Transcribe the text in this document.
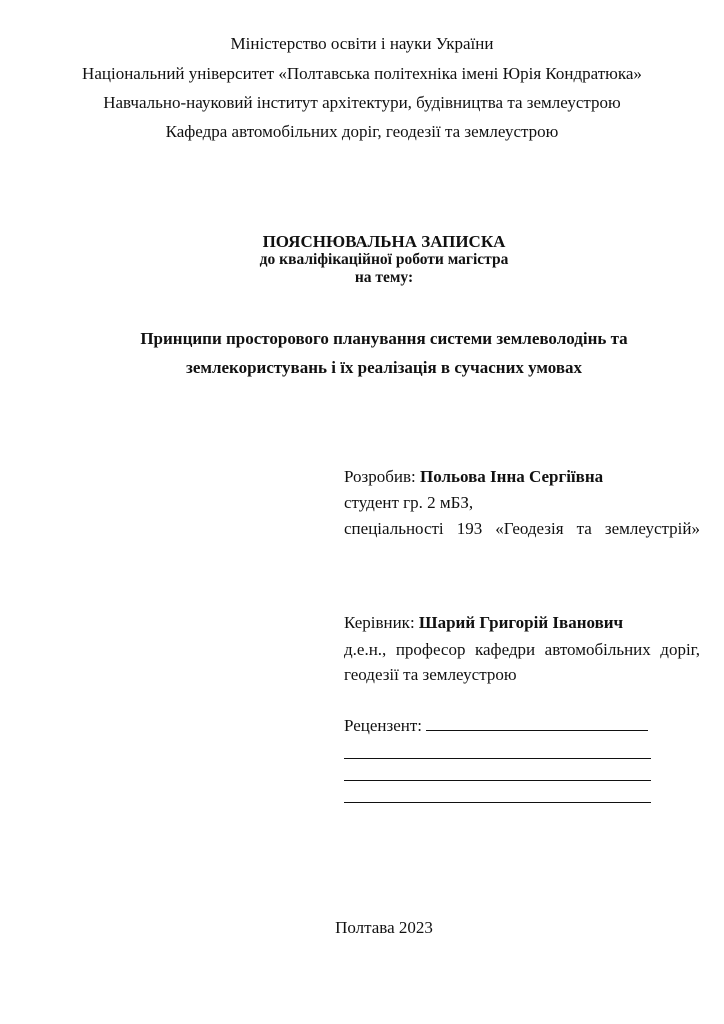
Міністерство освіти і науки України
Національний університет «Полтавська політехніка імені Юрія Кондратюка»
Навчально-науковий інститут архітектури, будівництва та землеустрою
Кафедра автомобільних доріг, геодезії та землеустрою
ПОЯСНЮВАЛЬНА ЗАПИСКА
до кваліфікаційної роботи магістра
на тему:
Принципи просторового планування системи землеволодінь та
землекористувань і їх реалізація в сучасних умовах
Розробив: Польова Інна Сергіївна
студент гр. 2 мБЗ,
спеціальності 193 «Геодезія та землеустрій»
Керівник: Шарий Григорій Іванович
д.е.н., професор кафедри автомобільних доріг,
геодезії та землеустрою
Рецензент:
Полтава 2023
